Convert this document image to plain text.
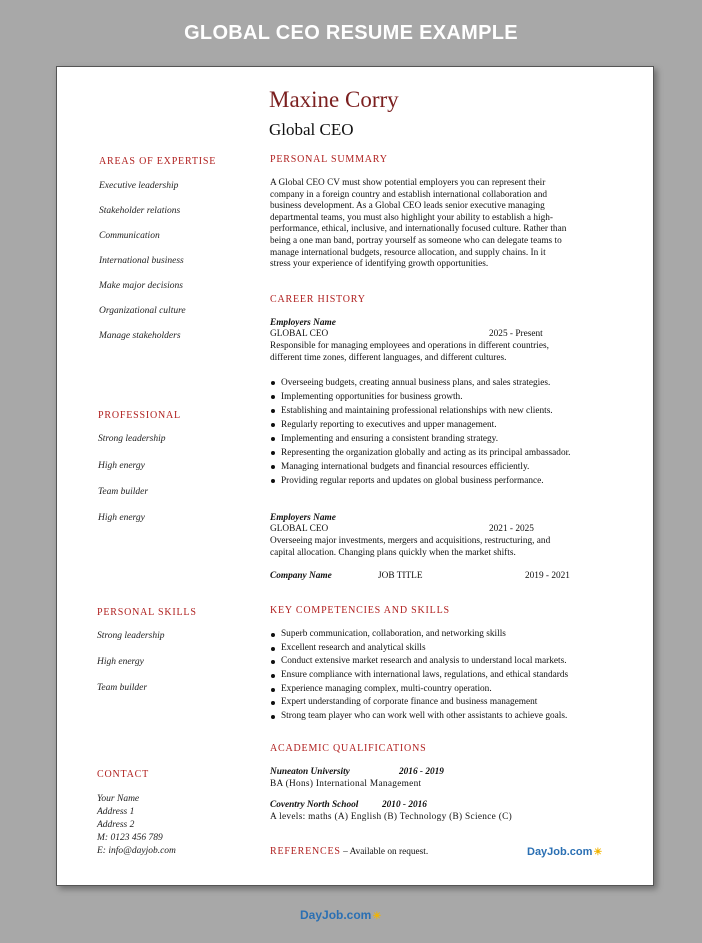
GLOBAL CEO RESUME EXAMPLE
Maxine Corry
Global CEO
AREAS OF EXPERTISE
Executive leadership
Stakeholder relations
Communication
International business
Make major decisions
Organizational culture
Manage stakeholders
PROFESSIONAL
Strong leadership
High energy
Team builder
High energy
PERSONAL SKILLS
Strong leadership
High energy
Team builder
CONTACT
Your Name
Address 1
Address 2
M: 0123 456 789
E: info@dayjob.com
PERSONAL SUMMARY
A Global CEO CV must show potential employers you can represent their
company in a foreign country and establish international collaboration and
business development. As a Global CEO leads senior executive managing
departmental teams, you must also highlight your ability to establish a high-
performance, ethical, inclusive, and internationally focused culture. Rather than
being a one man band, portray yourself as someone who can delegate teams to
manage international budgets, resource allocation, and supply chains. In it
stress your experience of identifying growth opportunities.
CAREER HISTORY
Employers Name
GLOBAL CEO	2025 - Present
Responsible for managing employees and operations in different countries,
different time zones, different languages, and different cultures.
Overseeing budgets, creating annual business plans, and sales strategies.
Implementing opportunities for business growth.
Establishing and maintaining professional relationships with new clients.
Regularly reporting to executives and upper management.
Implementing and ensuring a consistent branding strategy.
Representing the organization globally and acting as its principal ambassador.
Managing international budgets and financial resources efficiently.
Providing regular reports and updates on global business performance.
Employers Name
GLOBAL CEO	2021 - 2025
Overseeing major investments, mergers and acquisitions, restructuring, and
capital allocation. Changing plans quickly when the market shifts.
Company Name	JOB TITLE	2019 - 2021
KEY COMPETENCIES AND SKILLS
Superb communication, collaboration, and networking skills
Excellent research and analytical skills
Conduct extensive market research and analysis to understand local markets.
Ensure compliance with international laws, regulations, and ethical standards
Experience managing complex, multi-country operation.
Expert understanding of corporate finance and business management
Strong team player who can work well with other assistants to achieve goals.
ACADEMIC QUALIFICATIONS
Nuneaton University	2016 - 2019
BA (Hons) International Management
Coventry North School	2010 - 2016
A levels: maths (A) English (B) Technology (B) Science (C)
REFERENCES – Available on request.	DayJob.com☀
DayJob.com☀
